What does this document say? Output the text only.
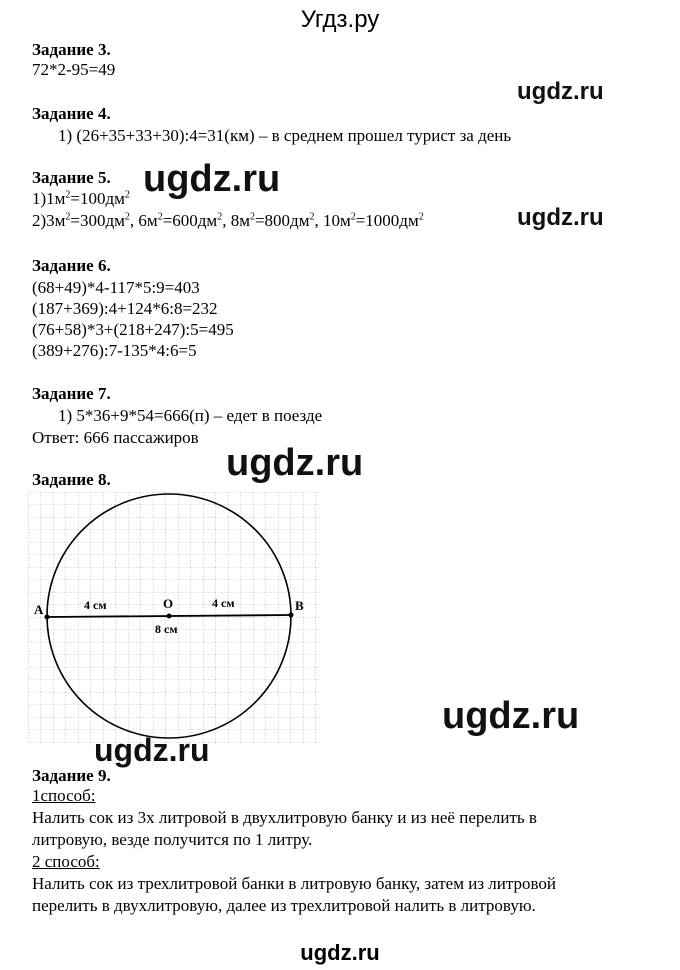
Угдз.ру
Задание 3.
72*2-95=49
ugdz.ru
Задание 4.
1) (26+35+33+30):4=31(км) – в среднем прошел турист за день
Задание 5.
$1)1м^2=100дм^2$
$2)3м^2=300дм^2$, $6м^2=600дм^2$, $8м^2=800дм^2$, $10м^2=1000дм^2$
ugdz.ru
ugdz.ru
Задание 6.
(68+49)*4-117*5:9=403
(187+369):4+124*6:8=232
(76+58)*3+(218+247):5=495
(389+276):7-135*4:6=5
Задание 7.
1) 5*36+9*54=666(п) – едет в поезде
Ответ: 666 пассажиров
ugdz.ru
Задание 8.
A	B
O
4 см	4 см
8 см
ugdz.ru
ugdz.ru
Задание 9.
1способ:
Налить сок из 3х литровой в двухлитровую банку и из неё перелить в
литровую, везде получится по 1 литру.
2 способ:
Налить сок из трехлитровой банки в литровую банку, затем из литровой
перелить в двухлитровую, далее из трехлитровой налить в литровую.
ugdz.ru
